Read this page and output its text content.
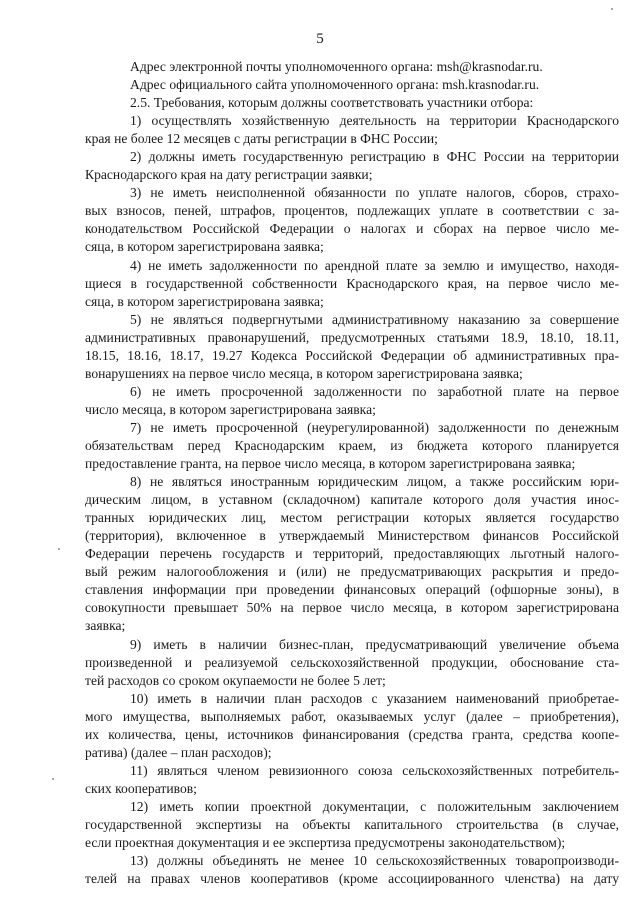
5
Адрес электронной почты уполномоченного органа: msh@krasnodar.ru.
Адрес официального сайта уполномоченного органа: msh.krasnodar.ru.
2.5. Требования, которым должны соответствовать участники отбора:
1) осуществлять хозяйственную деятельность на территории Краснодарского
края не более 12 месяцев с даты регистрации в ФНС России;
2) должны иметь государственную регистрацию в ФНС России на территории
Краснодарского края на дату регистрации заявки;
3) не иметь неисполненной обязанности по уплате налогов, сборов, страхо-
вых взносов, пеней, штрафов, процентов, подлежащих уплате в соответствии с за-
конодательством Российской Федерации о налогах и сборах на первое число ме-
сяца, в котором зарегистрирована заявка;
4) не иметь задолженности по арендной плате за землю и имущество, находя-
щиеся в государственной собственности Краснодарского края, на первое число ме-
сяца, в котором зарегистрирована заявка;
5) не являться подвергнутыми административному наказанию за совершение
административных правонарушений, предусмотренных статьями 18.9, 18.10, 18.11,
18.15, 18.16, 18.17, 19.27 Кодекса Российской Федерации об административных пра-
вонарушениях на первое число месяца, в котором зарегистрирована заявка;
6) не иметь просроченной задолженности по заработной плате на первое
число месяца, в котором зарегистрирована заявка;
7) не иметь просроченной (неурегулированной) задолженности по денежным
обязательствам перед Краснодарским краем, из бюджета которого планируется
предоставление гранта, на первое число месяца, в котором зарегистрирована заявка;
8) не являться иностранным юридическим лицом, а также российским юри-
дическим лицом, в уставном (складочном) капитале которого доля участия инос-
транных юридических лиц, местом регистрации которых является государство
(территория), включенное в утверждаемый Министерством финансов Российской
Федерации перечень государств и территорий, предоставляющих льготный налого-
вый режим налогообложения и (или) не предусматривающих раскрытия и предо-
ставления информации при проведении финансовых операций (офшорные зоны), в
совокупности превышает 50% на первое число месяца, в котором зарегистрирована
заявка;
9) иметь в наличии бизнес-план, предусматривающий увеличение объема
произведенной и реализуемой сельскохозяйственной продукции, обоснование ста-
тей расходов со сроком окупаемости не более 5 лет;
10) иметь в наличии план расходов с указанием наименований приобретае-
мого имущества, выполняемых работ, оказываемых услуг (далее – приобретения),
их количества, цены, источников финансирования (средства гранта, средства коопе-
ратива) (далее – план расходов);
11) являться членом ревизионного союза сельскохозяйственных потребитель-
ских кооперативов;
12) иметь копии проектной документации, с положительным заключением
государственной экспертизы на объекты капитального строительства (в случае,
если проектная документация и ее экспертиза предусмотрены законодательством);
13) должны объединять не менее 10 сельскохозяйственных товаропроизводи-
телей на правах членов кооперативов (кроме ассоциированного членства) на дату
